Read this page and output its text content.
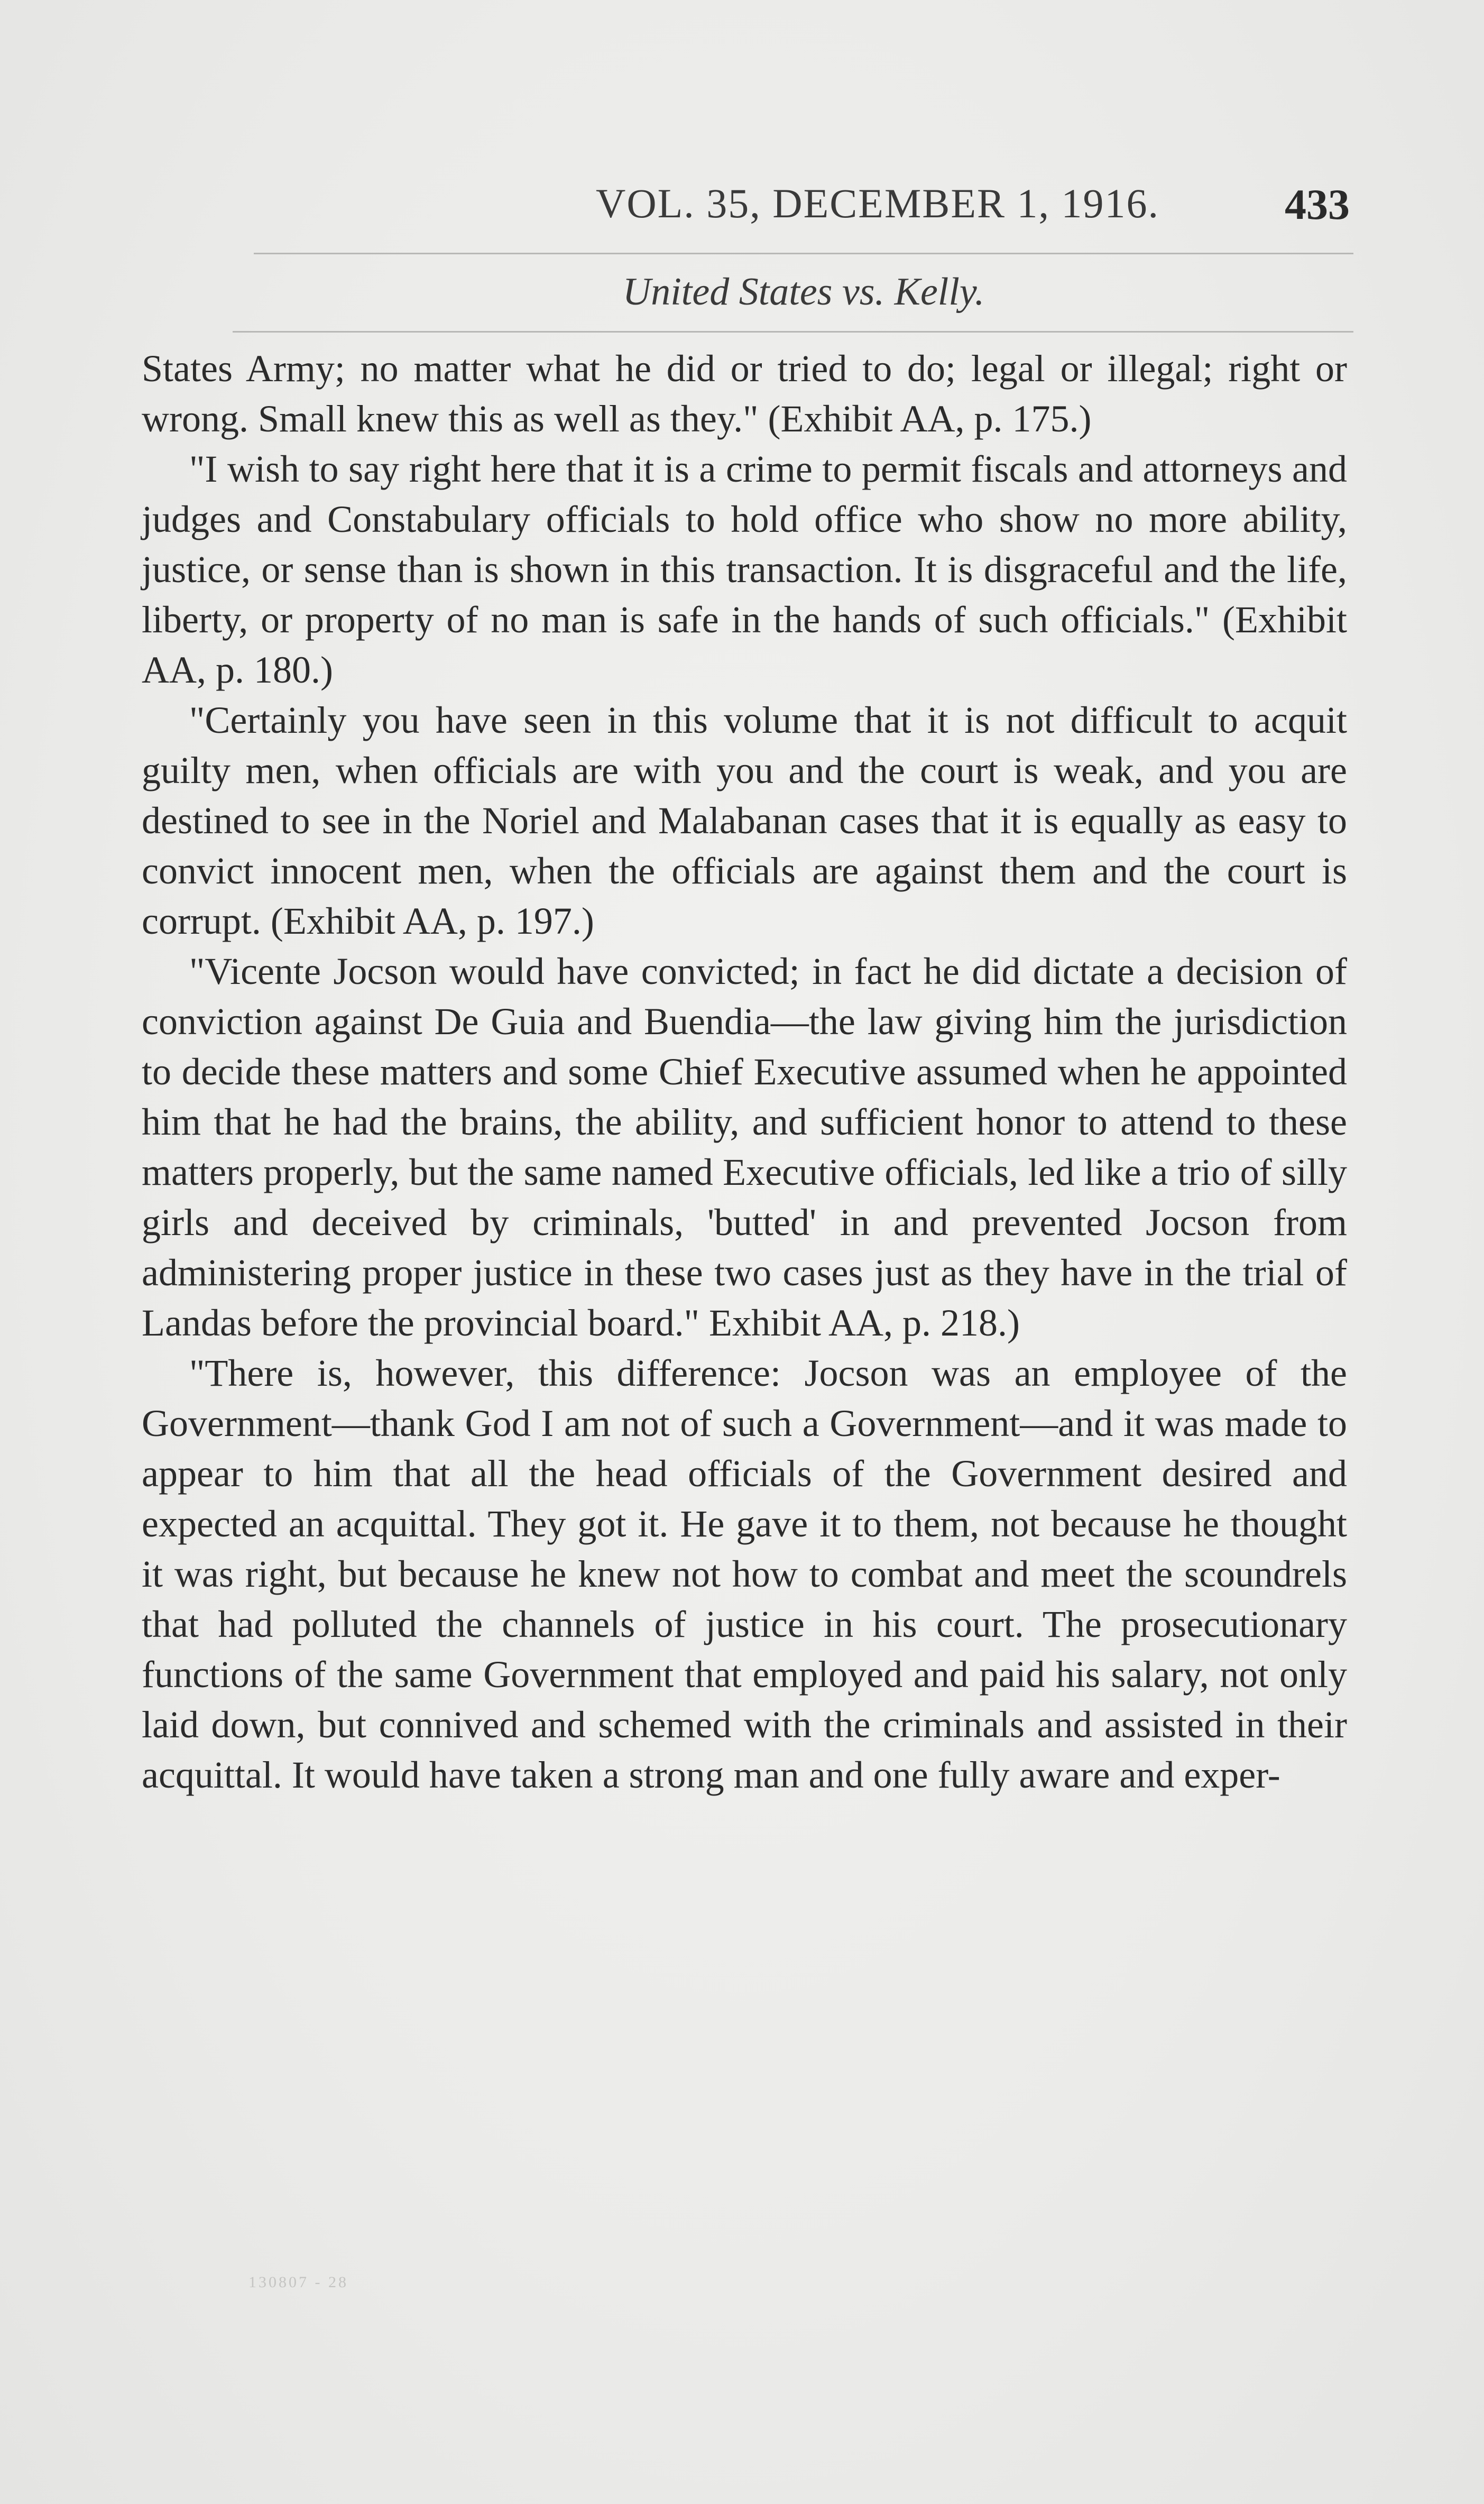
VOL. 35, DECEMBER 1, 1916.	433
United States vs. Kelly.

States Army; no matter what he did or tried to do; legal or illegal; right or wrong. Small knew this as well as they." (Exhibit AA, p. 175.)

"I wish to say right here that it is a crime to permit fiscals and attorneys and judges and Constabulary officials to hold office who show no more ability, justice, or sense than is shown in this transaction. It is disgraceful and the life, liberty, or property of no man is safe in the hands of such officials." (Exhibit AA, p. 180.)

"Certainly you have seen in this volume that it is not difficult to acquit guilty men, when officials are with you and the court is weak, and you are destined to see in the Noriel and Malabanan cases that it is equally as easy to convict innocent men, when the officials are against them and the court is corrupt. (Exhibit AA, p. 197.)

"Vicente Jocson would have convicted; in fact he did dictate a decision of conviction against De Guia and Buendia—the law giving him the jurisdiction to decide these matters and some Chief Executive assumed when he appointed him that he had the brains, the ability, and sufficient honor to attend to these matters properly, but the same named Executive officials, led like a trio of silly girls and deceived by criminals, 'butted' in and prevented Jocson from administering proper justice in these two cases just as they have in the trial of Landas before the provincial board." Exhibit AA, p. 218.)

"There is, however, this difference: Jocson was an employee of the Government—thank God I am not of such a Government—and it was made to appear to him that all the head officials of the Government desired and expected an acquittal. They got it. He gave it to them, not because he thought it was right, but because he knew not how to combat and meet the scoundrels that had polluted the channels of justice in his court. The prosecutionary functions of the same Government that employed and paid his salary, not only laid down, but connived and schemed with the criminals and assisted in their acquittal. It would have taken a strong man and one fully aware and exper-

130807 - 28
